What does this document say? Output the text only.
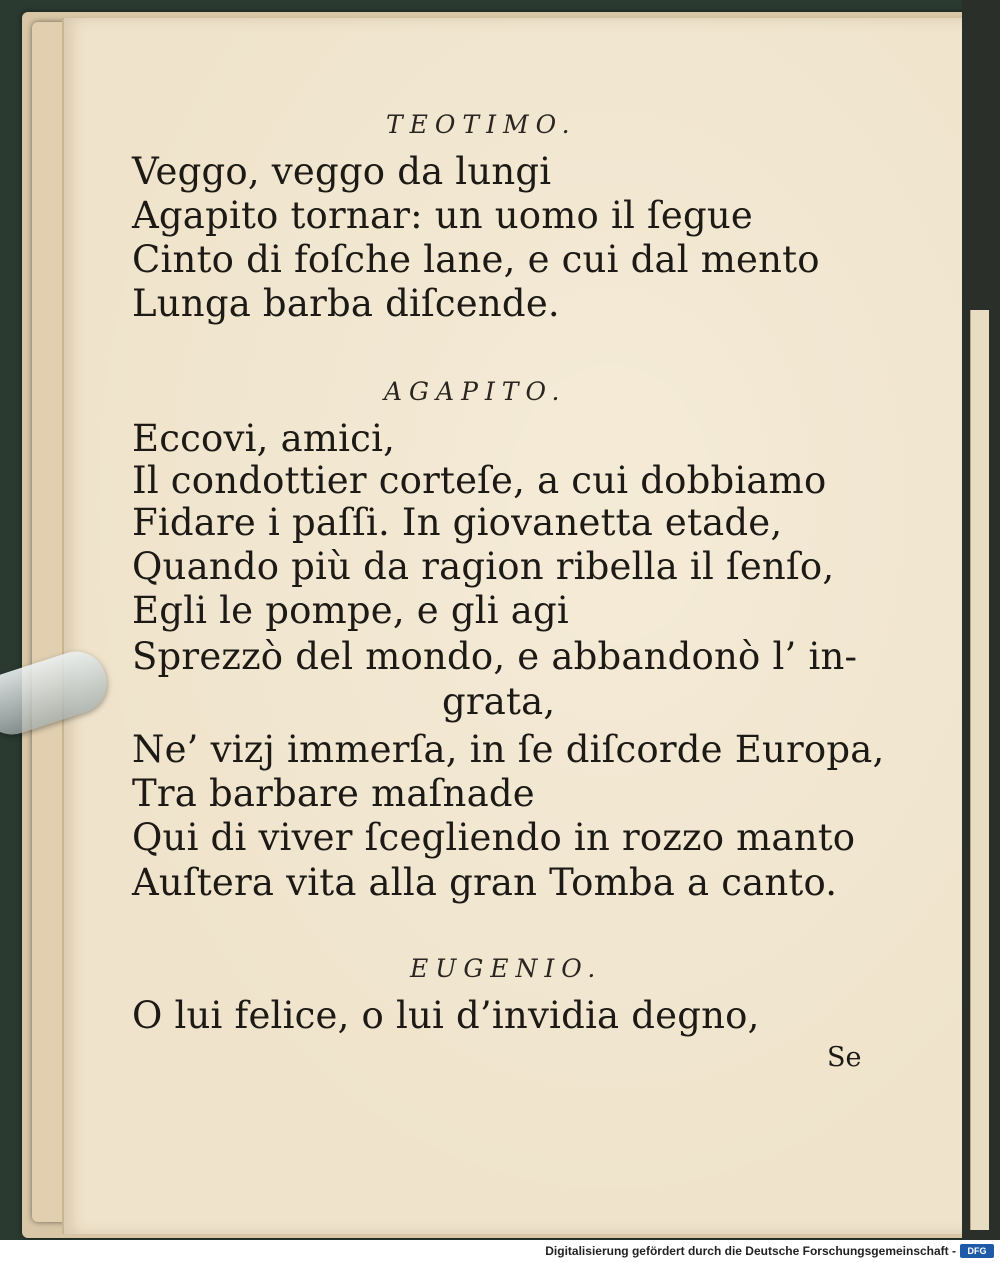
TEOTIMO.
Veggo, veggo da lungi
Agapito tornar: un uomo il ſegue
Cinto di foſche lane, e cui dal mento
Lunga barba diſcende.
AGAPITO.
Eccovi, amici,
Il condottier corteſe, a cui dobbiamo
Fidare i paſſi. In giovanetta etade,
Quando più da ragion ribella il ſenſo,
Egli le pompe, e gli agi
Sprezzò del mondo, e abbandonò l’ in-
grata,
Ne’ vizj immerſa, in ſe diſcorde Europa,
Tra barbare maſnade
Qui di viver ſcegliendo in rozzo manto
Auſtera vita alla gran Tomba a canto.
EUGENIO.
O lui felice, o lui d’invidia degno,
Se
Digitalisierung gefördert durch die Deutsche Forschungsgemeinschaft -	DFG
